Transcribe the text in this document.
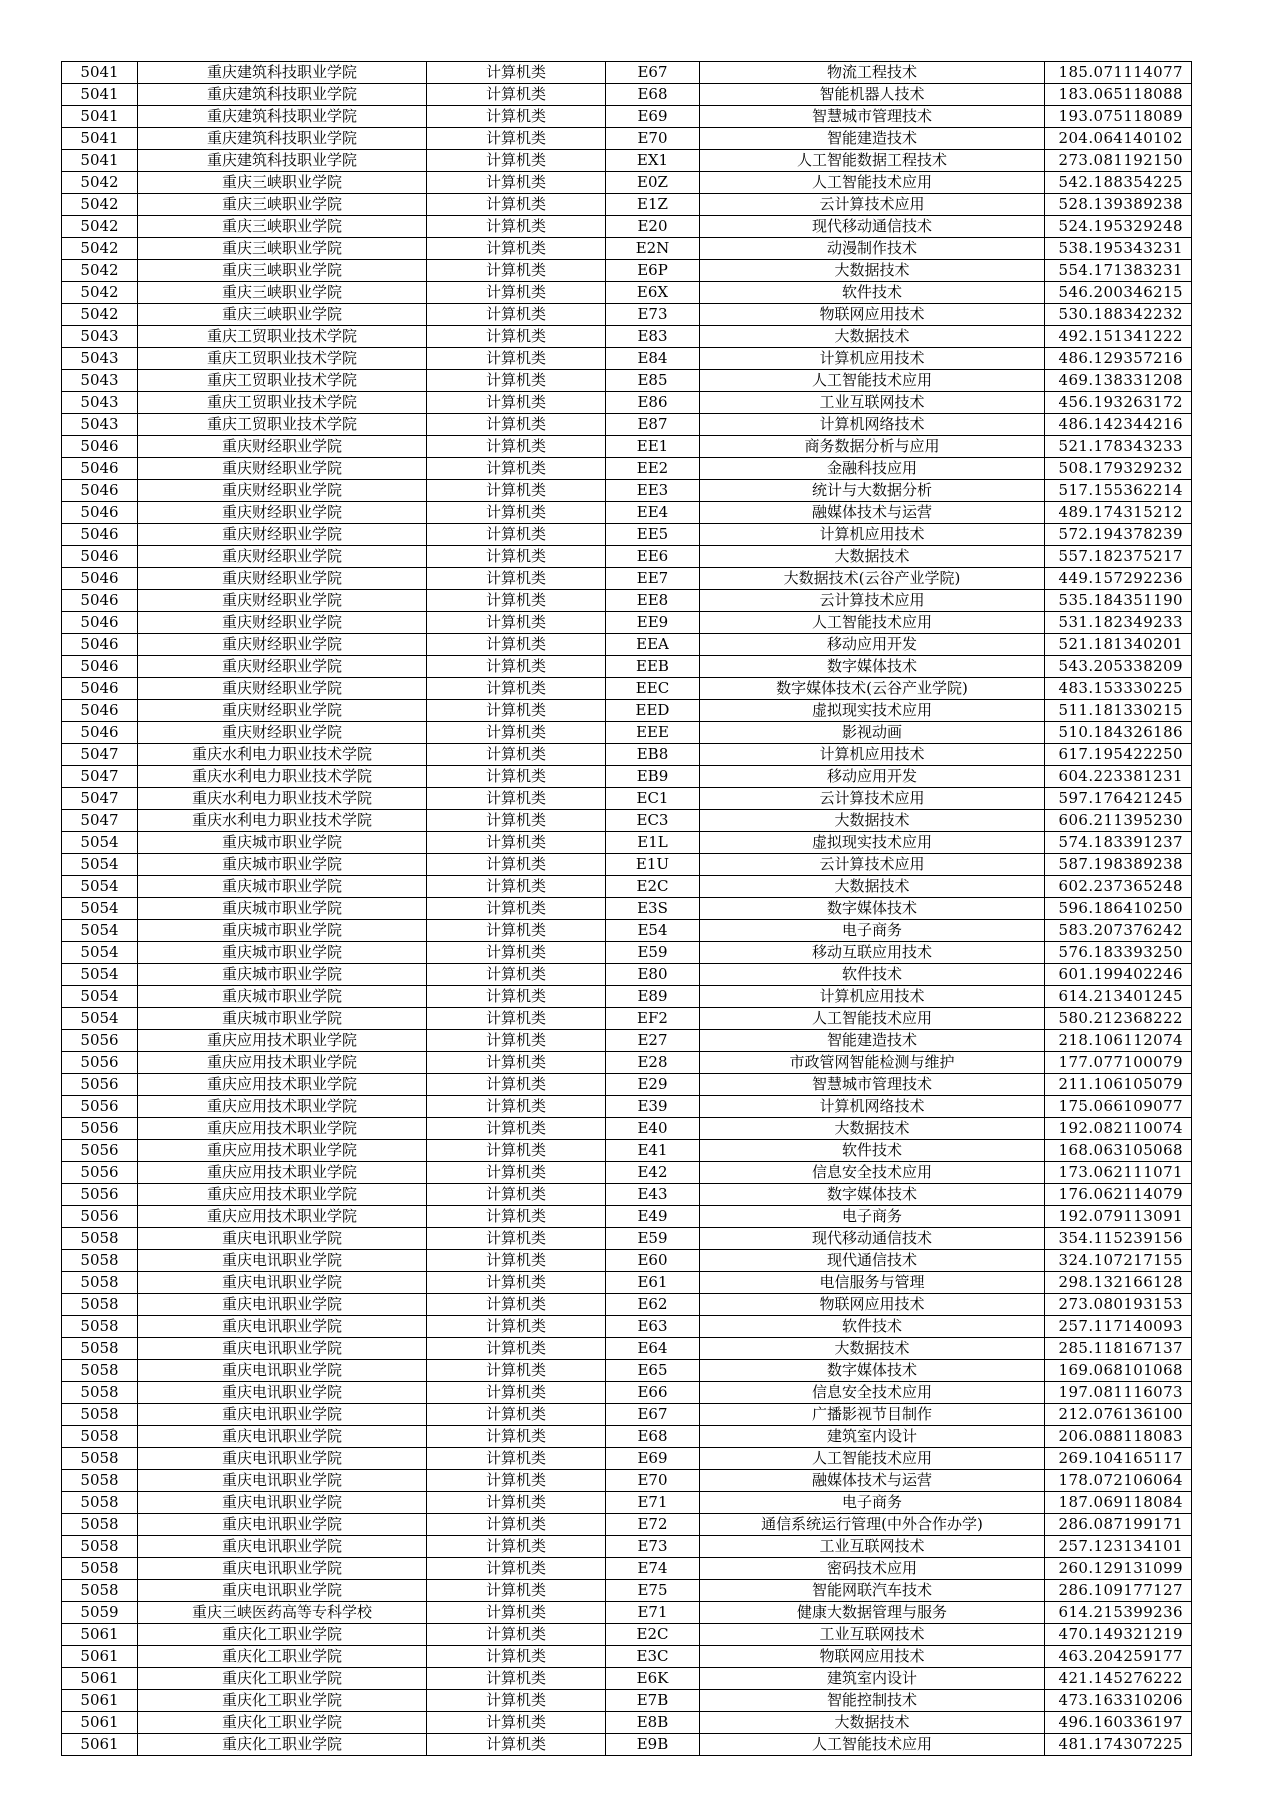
5041	重庆建筑科技职业学院	计算机类	E67	物流工程技术	185.071114077
5041	重庆建筑科技职业学院	计算机类	E68	智能机器人技术	183.065118088
5041	重庆建筑科技职业学院	计算机类	E69	智慧城市管理技术	193.075118089
5041	重庆建筑科技职业学院	计算机类	E70	智能建造技术	204.064140102
5041	重庆建筑科技职业学院	计算机类	EX1	人工智能数据工程技术	273.081192150
5042	重庆三峡职业学院	计算机类	E0Z	人工智能技术应用	542.188354225
5042	重庆三峡职业学院	计算机类	E1Z	云计算技术应用	528.139389238
5042	重庆三峡职业学院	计算机类	E20	现代移动通信技术	524.195329248
5042	重庆三峡职业学院	计算机类	E2N	动漫制作技术	538.195343231
5042	重庆三峡职业学院	计算机类	E6P	大数据技术	554.171383231
5042	重庆三峡职业学院	计算机类	E6X	软件技术	546.200346215
5042	重庆三峡职业学院	计算机类	E73	物联网应用技术	530.188342232
5043	重庆工贸职业技术学院	计算机类	E83	大数据技术	492.151341222
5043	重庆工贸职业技术学院	计算机类	E84	计算机应用技术	486.129357216
5043	重庆工贸职业技术学院	计算机类	E85	人工智能技术应用	469.138331208
5043	重庆工贸职业技术学院	计算机类	E86	工业互联网技术	456.193263172
5043	重庆工贸职业技术学院	计算机类	E87	计算机网络技术	486.142344216
5046	重庆财经职业学院	计算机类	EE1	商务数据分析与应用	521.178343233
5046	重庆财经职业学院	计算机类	EE2	金融科技应用	508.179329232
5046	重庆财经职业学院	计算机类	EE3	统计与大数据分析	517.155362214
5046	重庆财经职业学院	计算机类	EE4	融媒体技术与运营	489.174315212
5046	重庆财经职业学院	计算机类	EE5	计算机应用技术	572.194378239
5046	重庆财经职业学院	计算机类	EE6	大数据技术	557.182375217
5046	重庆财经职业学院	计算机类	EE7	大数据技术(云谷产业学院)	449.157292236
5046	重庆财经职业学院	计算机类	EE8	云计算技术应用	535.184351190
5046	重庆财经职业学院	计算机类	EE9	人工智能技术应用	531.182349233
5046	重庆财经职业学院	计算机类	EEA	移动应用开发	521.181340201
5046	重庆财经职业学院	计算机类	EEB	数字媒体技术	543.205338209
5046	重庆财经职业学院	计算机类	EEC	数字媒体技术(云谷产业学院)	483.153330225
5046	重庆财经职业学院	计算机类	EED	虚拟现实技术应用	511.181330215
5046	重庆财经职业学院	计算机类	EEE	影视动画	510.184326186
5047	重庆水利电力职业技术学院	计算机类	EB8	计算机应用技术	617.195422250
5047	重庆水利电力职业技术学院	计算机类	EB9	移动应用开发	604.223381231
5047	重庆水利电力职业技术学院	计算机类	EC1	云计算技术应用	597.176421245
5047	重庆水利电力职业技术学院	计算机类	EC3	大数据技术	606.211395230
5054	重庆城市职业学院	计算机类	E1L	虚拟现实技术应用	574.183391237
5054	重庆城市职业学院	计算机类	E1U	云计算技术应用	587.198389238
5054	重庆城市职业学院	计算机类	E2C	大数据技术	602.237365248
5054	重庆城市职业学院	计算机类	E3S	数字媒体技术	596.186410250
5054	重庆城市职业学院	计算机类	E54	电子商务	583.207376242
5054	重庆城市职业学院	计算机类	E59	移动互联应用技术	576.183393250
5054	重庆城市职业学院	计算机类	E80	软件技术	601.199402246
5054	重庆城市职业学院	计算机类	E89	计算机应用技术	614.213401245
5054	重庆城市职业学院	计算机类	EF2	人工智能技术应用	580.212368222
5056	重庆应用技术职业学院	计算机类	E27	智能建造技术	218.106112074
5056	重庆应用技术职业学院	计算机类	E28	市政管网智能检测与维护	177.077100079
5056	重庆应用技术职业学院	计算机类	E29	智慧城市管理技术	211.106105079
5056	重庆应用技术职业学院	计算机类	E39	计算机网络技术	175.066109077
5056	重庆应用技术职业学院	计算机类	E40	大数据技术	192.082110074
5056	重庆应用技术职业学院	计算机类	E41	软件技术	168.063105068
5056	重庆应用技术职业学院	计算机类	E42	信息安全技术应用	173.062111071
5056	重庆应用技术职业学院	计算机类	E43	数字媒体技术	176.062114079
5056	重庆应用技术职业学院	计算机类	E49	电子商务	192.079113091
5058	重庆电讯职业学院	计算机类	E59	现代移动通信技术	354.115239156
5058	重庆电讯职业学院	计算机类	E60	现代通信技术	324.107217155
5058	重庆电讯职业学院	计算机类	E61	电信服务与管理	298.132166128
5058	重庆电讯职业学院	计算机类	E62	物联网应用技术	273.080193153
5058	重庆电讯职业学院	计算机类	E63	软件技术	257.117140093
5058	重庆电讯职业学院	计算机类	E64	大数据技术	285.118167137
5058	重庆电讯职业学院	计算机类	E65	数字媒体技术	169.068101068
5058	重庆电讯职业学院	计算机类	E66	信息安全技术应用	197.081116073
5058	重庆电讯职业学院	计算机类	E67	广播影视节目制作	212.076136100
5058	重庆电讯职业学院	计算机类	E68	建筑室内设计	206.088118083
5058	重庆电讯职业学院	计算机类	E69	人工智能技术应用	269.104165117
5058	重庆电讯职业学院	计算机类	E70	融媒体技术与运营	178.072106064
5058	重庆电讯职业学院	计算机类	E71	电子商务	187.069118084
5058	重庆电讯职业学院	计算机类	E72	通信系统运行管理(中外合作办学)	286.087199171
5058	重庆电讯职业学院	计算机类	E73	工业互联网技术	257.123134101
5058	重庆电讯职业学院	计算机类	E74	密码技术应用	260.129131099
5058	重庆电讯职业学院	计算机类	E75	智能网联汽车技术	286.109177127
5059	重庆三峡医药高等专科学校	计算机类	E71	健康大数据管理与服务	614.215399236
5061	重庆化工职业学院	计算机类	E2C	工业互联网技术	470.149321219
5061	重庆化工职业学院	计算机类	E3C	物联网应用技术	463.204259177
5061	重庆化工职业学院	计算机类	E6K	建筑室内设计	421.145276222
5061	重庆化工职业学院	计算机类	E7B	智能控制技术	473.163310206
5061	重庆化工职业学院	计算机类	E8B	大数据技术	496.160336197
5061	重庆化工职业学院	计算机类	E9B	人工智能技术应用	481.174307225
